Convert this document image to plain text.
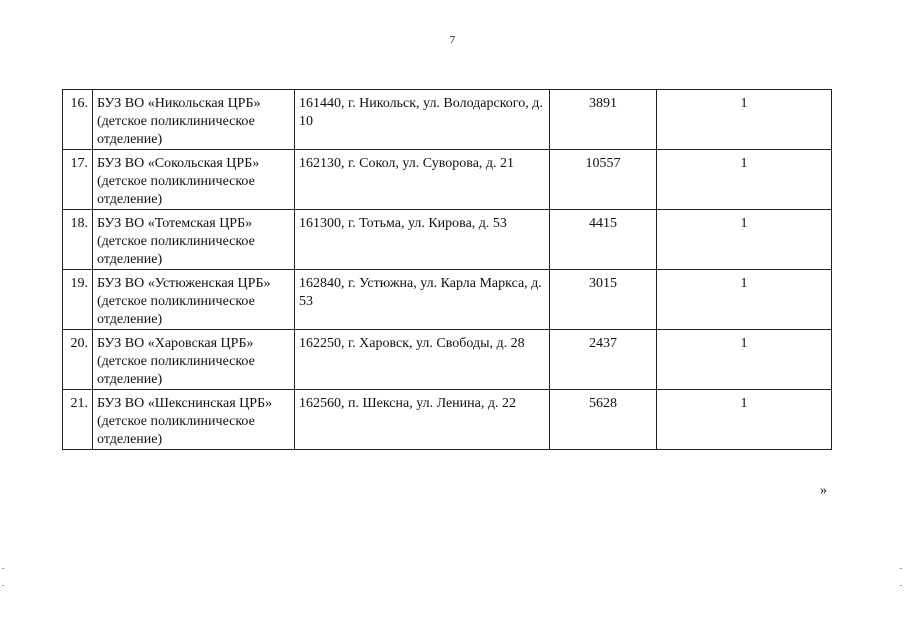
7
16.	БУЗ ВО «Никольская ЦРБ» (детское поликлиническое отделение)	161440, г. Никольск, ул. Володарского, д. 10	3891	1
17.	БУЗ ВО «Сокольская ЦРБ» (детское поликлиническое отделение)	162130, г. Сокол, ул. Суворова, д. 21	10557	1
18.	БУЗ ВО «Тотемская ЦРБ» (детское поликлиническое отделение)	161300, г. Тотьма, ул. Кирова, д. 53	4415	1
19.	БУЗ ВО «Устюженская ЦРБ» (детское поликлиническое отделение)	162840, г. Устюжна, ул. Карла Маркса, д. 53	3015	1
20.	БУЗ ВО «Харовская ЦРБ» (детское поликлиническое отделение)	162250, г. Харовск, ул. Свободы, д. 28	2437	1
21.	БУЗ ВО «Шекснинская ЦРБ» (детское поликлиническое отделение)	162560, п. Шексна, ул. Ленина, д. 22	5628	1
»
